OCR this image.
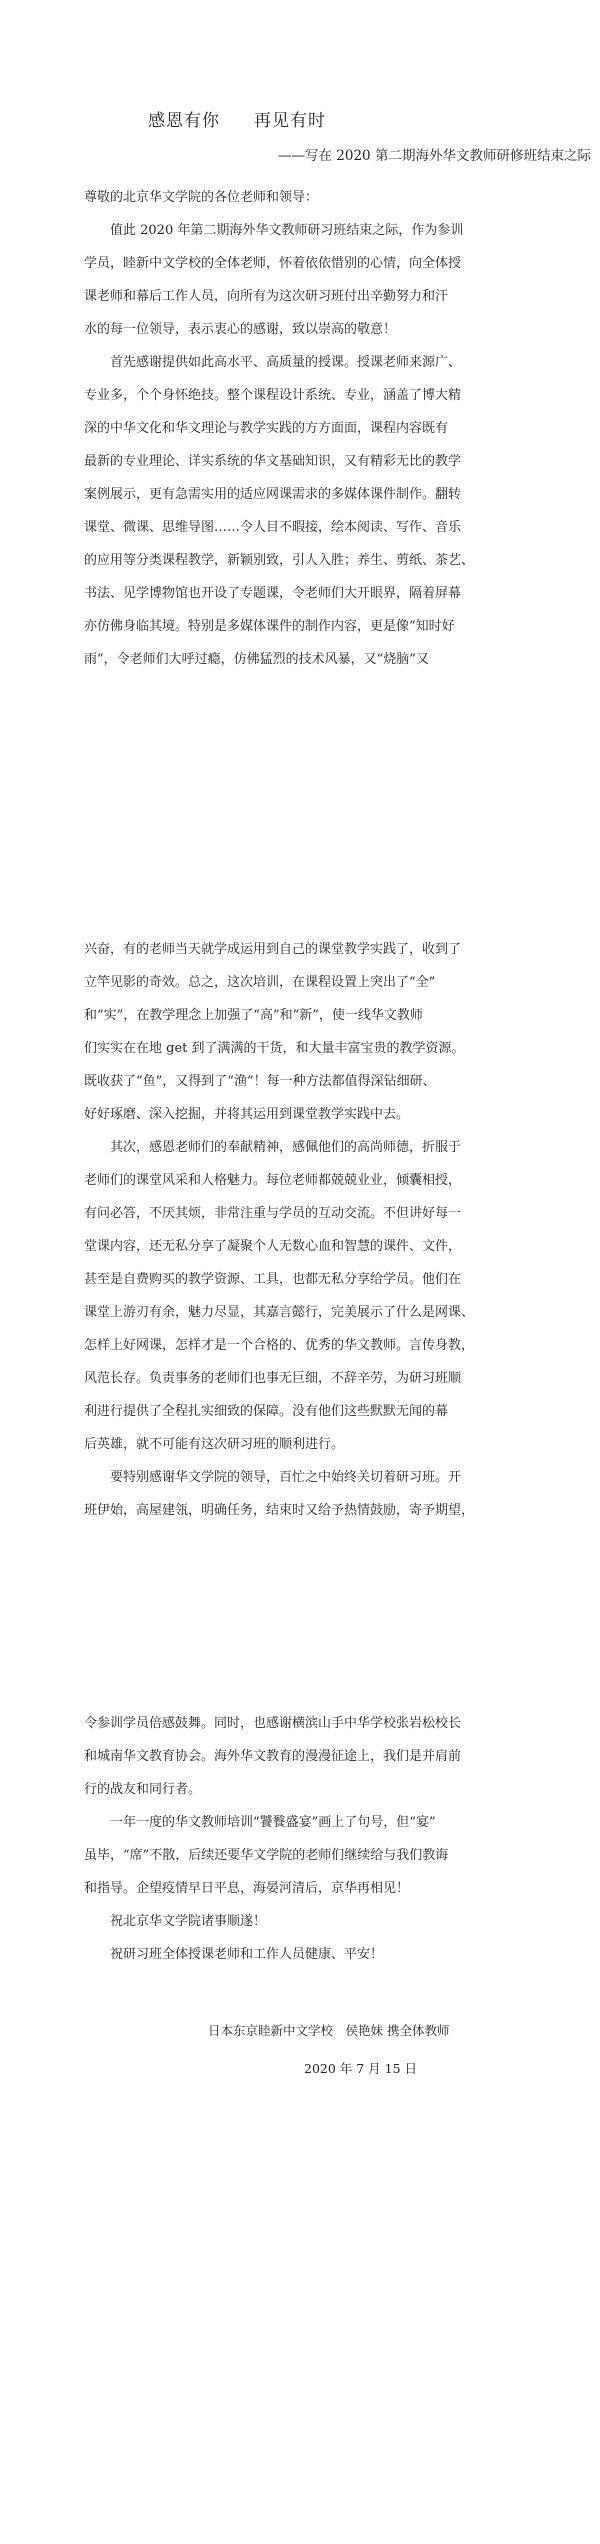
感恩有你 再见有时
——写在 2020 第二期海外华文教师研修班结束之际
尊敬的北京华文学院的各位老师和领导：
　　值此 2020 年第二期海外华文教师研习班结束之际，作为参训
学员，睦新中文学校的全体老师，怀着依依惜别的心情，向全体授
课老师和幕后工作人员，向所有为这次研习班付出辛勤努力和汗
水的每一位领导，表示衷心的感谢，致以崇高的敬意！
　　首先感谢提供如此高水平、高质量的授课。授课老师来源广、
专业多，个个身怀绝技。整个课程设计系统、专业，涵盖了博大精
深的中华文化和华文理论与教学实践的方方面面，课程内容既有
最新的专业理论、详实系统的华文基础知识，又有精彩无比的教学
案例展示，更有急需实用的适应网课需求的多媒体课件制作。翻转
课堂、微课、思维导图……令人目不暇接，绘本阅读、写作、音乐
的应用等分类课程教学，新颖别致，引人入胜；养生、剪纸、茶艺、
书法、见学博物馆也开设了专题课，令老师们大开眼界，隔着屏幕
亦仿佛身临其境。特别是多媒体课件的制作内容，更是像“知时好
雨”，令老师们大呼过瘾，仿佛猛烈的技术风暴，又“烧脑”又
兴奋，有的老师当天就学成运用到自己的课堂教学实践了，收到了
立竿见影的奇效。总之，这次培训，在课程设置上突出了“全”
和“实”，在教学理念上加强了“高”和“新”，使一线华文教师
们实实在在地 get 到了满满的干货，和大量丰富宝贵的教学资源。
既收获了“鱼”，又得到了“渔”！每一种方法都值得深钻细研、
好好琢磨、深入挖掘，并将其运用到课堂教学实践中去。
　　其次，感恩老师们的奉献精神，感佩他们的高尚师德，折服于
老师们的课堂风采和人格魅力。每位老师都兢兢业业，倾囊相授，
有问必答，不厌其烦，非常注重与学员的互动交流。不但讲好每一
堂课内容，还无私分享了凝聚个人无数心血和智慧的课件、文件，
甚至是自费购买的教学资源、工具，也都无私分享给学员。他们在
课堂上游刃有余，魅力尽显，其嘉言懿行，完美展示了什么是网课、
怎样上好网课，怎样才是一个合格的、优秀的华文教师。言传身教，
风范长存。负责事务的老师们也事无巨细，不辞辛劳，为研习班顺
利进行提供了全程扎实细致的保障。没有他们这些默默无闻的幕
后英雄，就不可能有这次研习班的顺利进行。
　　要特别感谢华文学院的领导，百忙之中始终关切着研习班。开
班伊始，高屋建瓴，明确任务，结束时又给予热情鼓励，寄予期望，
令参训学员倍感鼓舞。同时，也感谢横滨山手中华学校张岩松校长
和城南华文教育协会。海外华文教育的漫漫征途上，我们是并肩前
行的战友和同行者。
　　一年一度的华文教师培训“饕餮盛宴”画上了句号，但“宴”
虽毕，“席”不散，后续还要华文学院的老师们继续给与我们教诲
和指导。企望疫情早日平息，海晏河清后，京华再相见！
　　祝北京华文学院诸事顺遂！
　　祝研习班全体授课老师和工作人员健康、平安！
日本东京睦新中文学校　侯艳妹 携全体教师
2020 年 7 月 15 日
